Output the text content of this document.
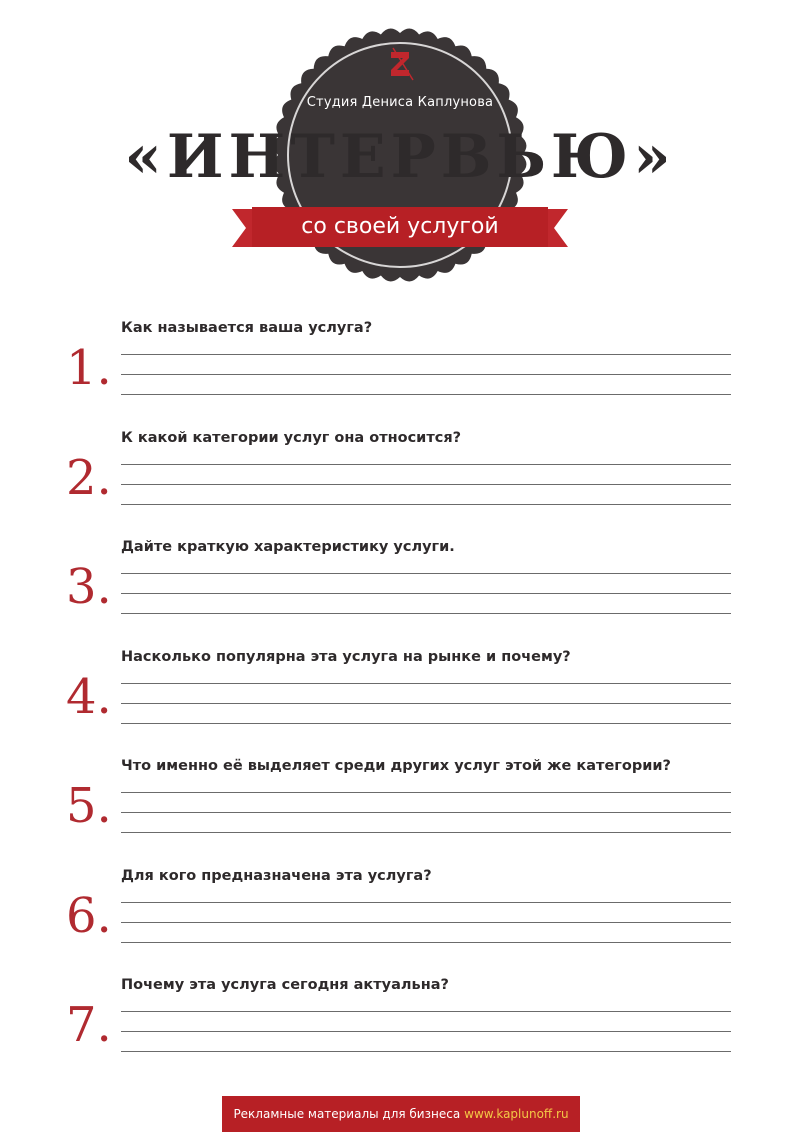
Студия Дениса Каплунова
«ИНТЕРВЬЮ»
со своей услугой
Как называется ваша услуга?
1.
К какой категории услуг она относится?
2.
Дайте краткую характеристику услуги.
3.
Насколько популярна эта услуга на рынке и почему?
4.
Что именно её выделяет среди других услуг этой же категории?
5.
Для кого предназначена эта услуга?
6.
Почему эта услуга сегодня актуальна?
7.
Рекламные материалы для бизнеса www.kaplunoff.ru
